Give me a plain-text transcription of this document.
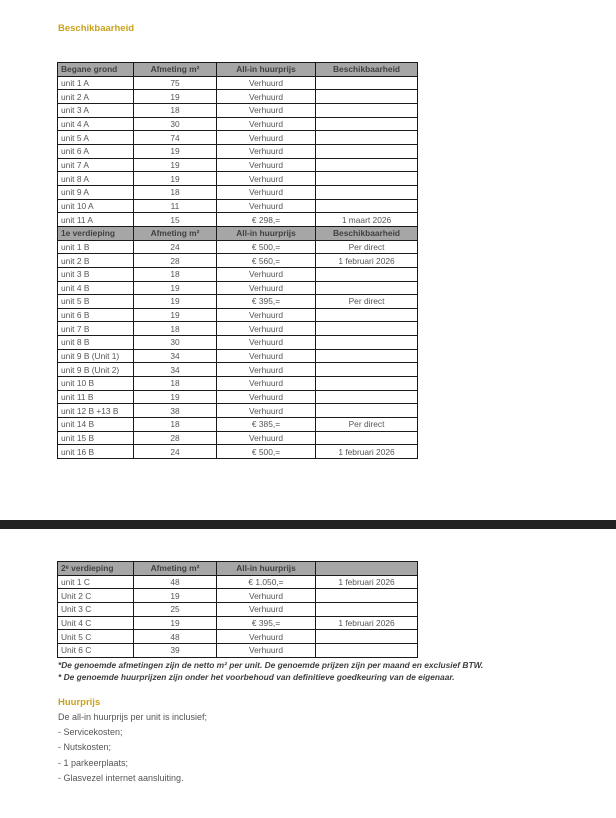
Beschikbaarheid
Begane grond	Afmeting m²	All-in huurprijs	Beschikbaarheid
unit 1 A	75	Verhuurd	
unit 2 A	19	Verhuurd	
unit 3 A	18	Verhuurd	
unit 4 A	30	Verhuurd	
unit 5 A	74	Verhuurd	
unit 6 A	19	Verhuurd	
unit 7 A	19	Verhuurd	
unit 8 A	19	Verhuurd	
unit 9 A	18	Verhuurd	
unit 10 A	11	Verhuurd	
unit 11 A	15	€ 298,=	1 maart 2026
1e verdieping	Afmeting m²	All-in huurprijs	Beschikbaarheid
unit 1 B	24	€ 500,=	Per direct
unit 2 B	28	€ 560,=	1 februari 2026
unit 3 B	18	Verhuurd	
unit 4 B	19	Verhuurd	
unit 5 B	19	€ 395,=	Per direct
unit 6 B	19	Verhuurd	
unit 7 B	18	Verhuurd	
unit 8 B	30	Verhuurd	
unit 9 B (Unit 1)	34	Verhuurd	
unit 9 B (Unit 2)	34	Verhuurd	
unit 10 B	18	Verhuurd	
unit 11 B	19	Verhuurd	
unit 12 B +13 B	38	Verhuurd	
unit 14 B	18	€ 385,=	Per direct
unit 15 B	28	Verhuurd	
unit 16 B	24	€ 500,=	1 februari 2026
2ᵉ verdieping	Afmeting m²	All-in huurprijs	
unit 1 C	48	€ 1.050,=	1 februari 2026
Unit 2 C	19	Verhuurd	
Unit 3 C	25	Verhuurd	
Unit 4 C	19	€ 395,=	1 februari 2026
Unit 5 C	48	Verhuurd	
Unit 6 C	39	Verhuurd	
*De genoemde afmetingen zijn de netto m² per unit. De genoemde prijzen zijn per maand en exclusief BTW.
* De genoemde huurprijzen zijn onder het voorbehoud van definitieve goedkeuring van de eigenaar.
Huurprijs
De all-in huurprijs per unit is inclusief;
- Servicekosten;
- Nutskosten;
- 1 parkeerplaats;
- Glasvezel internet aansluiting.
